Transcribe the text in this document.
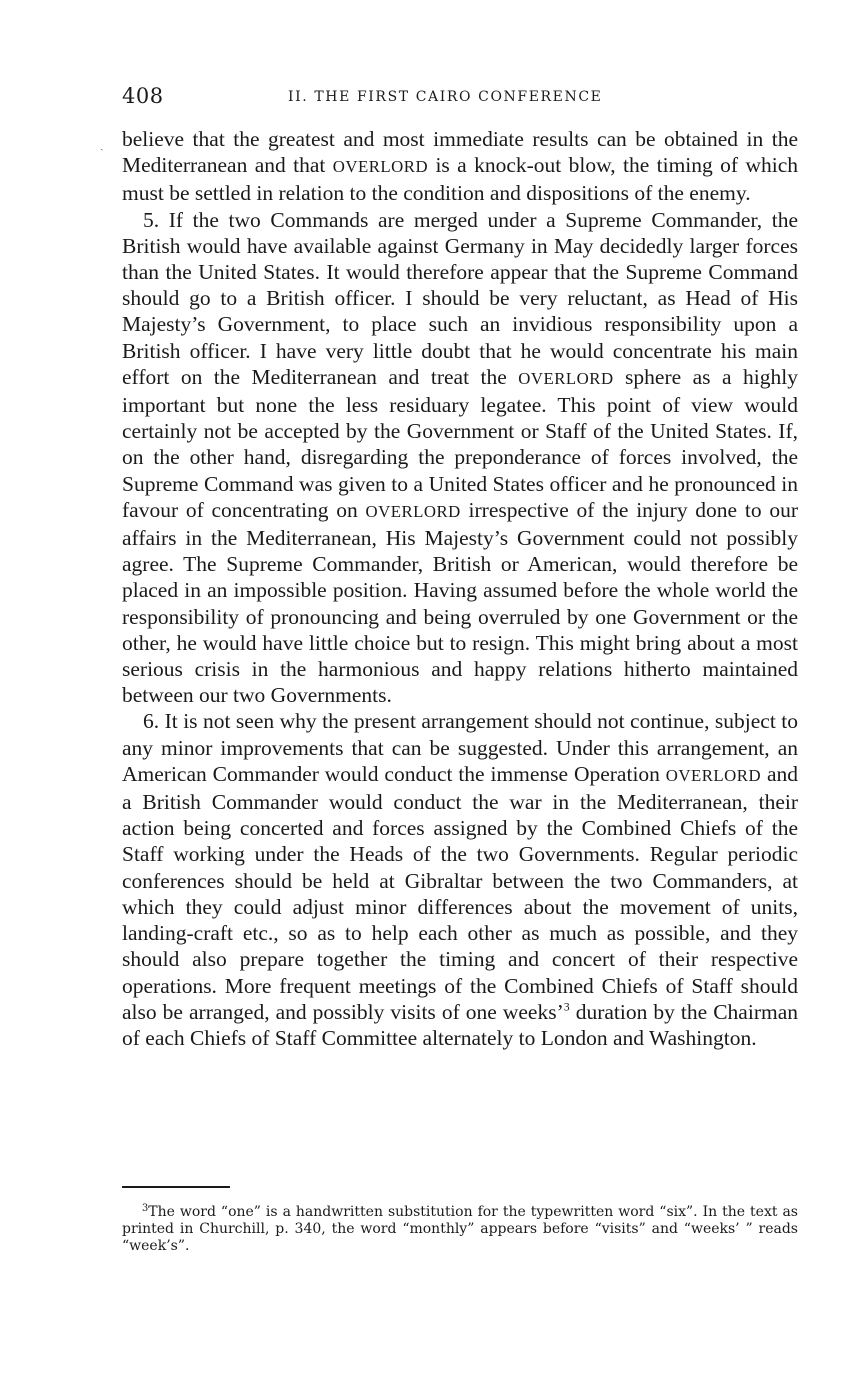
408	II. THE FIRST CAIRO CONFERENCE
ˎ believe that the greatest and most immediate results can be obtained in the Mediterranean and that OVERLORD is a knock-out blow, the timing of which must be settled in relation to the condition and dispositions of the enemy.

5. If the two Commands are merged under a Supreme Commander, the British would have available against Germany in May decidedly larger forces than the United States. It would therefore appear that the Supreme Command should go to a British officer. I should be very reluctant, as Head of His Majesty’s Government, to place such an invidious responsibility upon a British officer. I have very little doubt that he would concentrate his main effort on the Mediterranean and treat the OVERLORD sphere as a highly important but none the less residuary legatee. This point of view would certainly not be accepted by the Government or Staff of the United States. If, on the other hand, disregarding the preponderance of forces involved, the Supreme Command was given to a United States officer and he pronounced in favour of concentrating on OVERLORD irrespective of the injury done to our affairs in the Mediterranean, His Majesty’s Government could not possibly agree. The Supreme Commander, British or American, would therefore be placed in an impossible position. Having assumed before the whole world the responsibility of pronouncing and being overruled by one Government or the other, he would have little choice but to resign. This might bring about a most serious crisis in the harmonious and happy relations hitherto maintained between our two Governments.

6. It is not seen why the present arrangement should not continue, subject to any minor improvements that can be suggested. Under this arrangement, an American Commander would conduct the immense Operation OVERLORD and a British Commander would conduct the war in the Mediterranean, their action being concerted and forces assigned by the Combined Chiefs of the Staff working under the Heads of the two Governments. Regular periodic conferences should be held at Gibraltar between the two Commanders, at which they could adjust minor differences about the movement of units, landing-craft etc., so as to help each other as much as possible, and they should also prepare together the timing and concert of their respective operations. More frequent meetings of the Combined Chiefs of Staff should also be arranged, and possibly visits of one weeks’$^3$ duration by the Chairman of each Chiefs of Staff Committee alternately to London and Washington.

$^3$The word “one” is a handwritten substitution for the typewritten word “six”. In the text as printed in Churchill, p. 340, the word “monthly” appears before “visits” and “weeks’ ” reads “week’s”.
